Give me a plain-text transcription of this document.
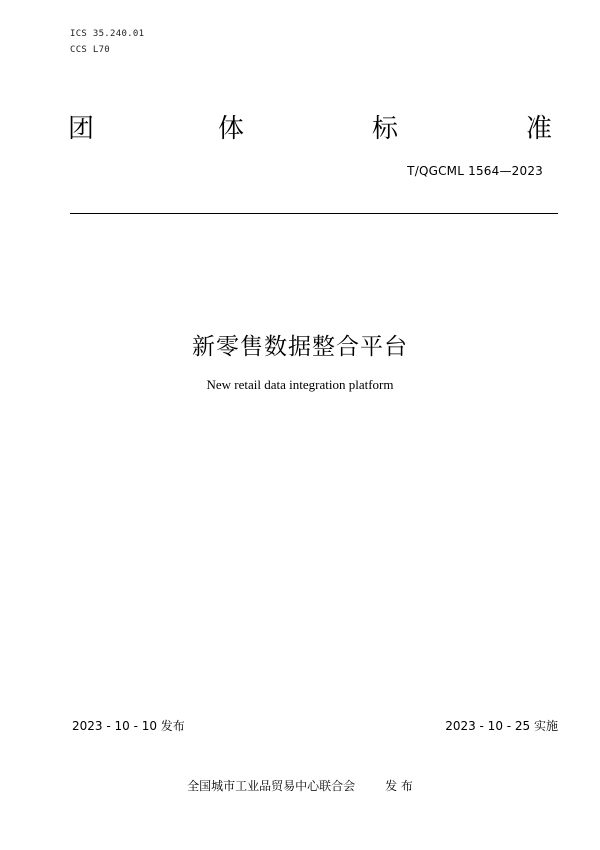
ICS 35.240.01
CCS L70
团	体	标	准
T/QGCML 1564—2023
新零售数据整合平台
New retail data integration platform
2023 - 10 - 10 发布	2023 - 10 - 25 实施
全国城市工业品贸易中心联合会	发 布
